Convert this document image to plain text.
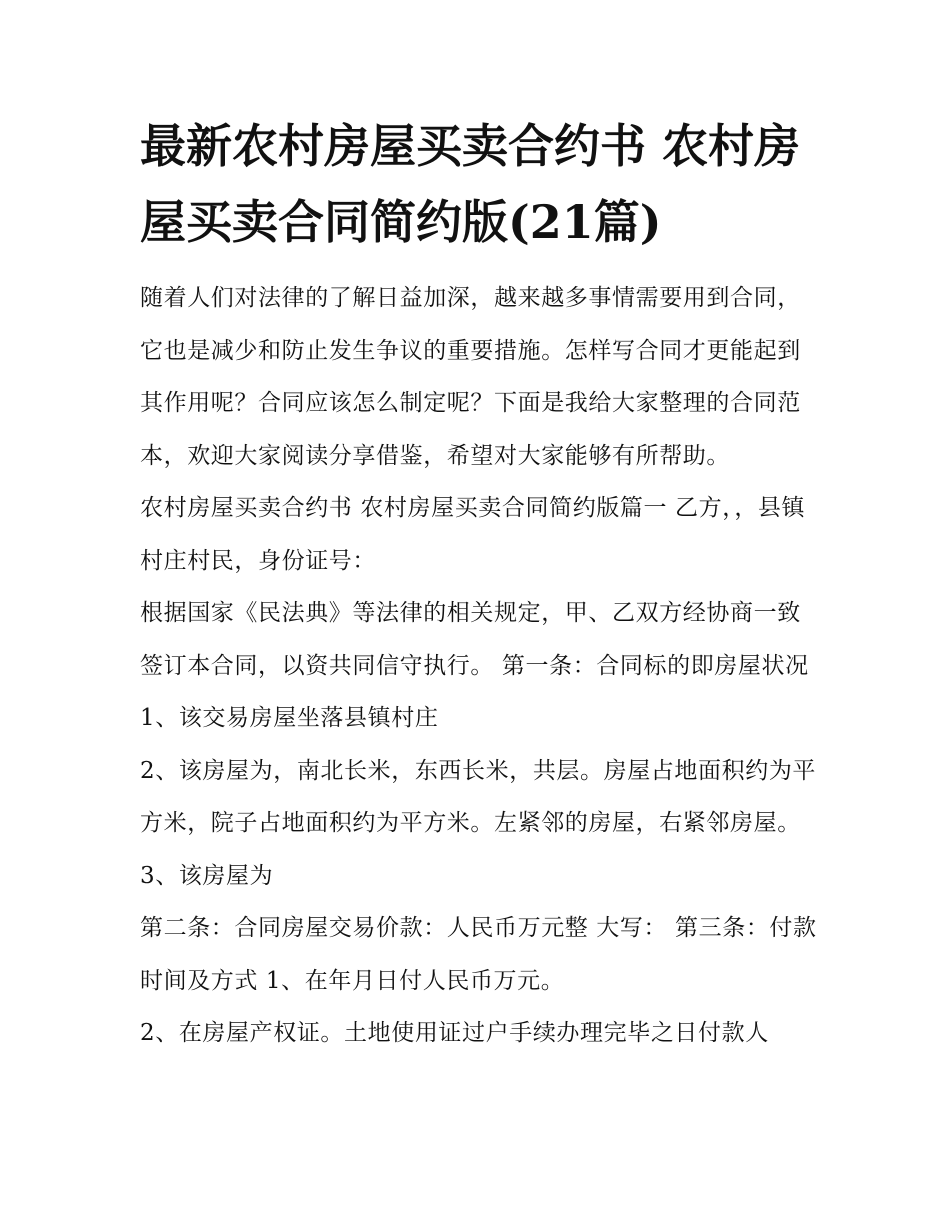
最新农村房屋买卖合约书 农村房屋买卖合同简约版(21篇)

随着人们对法律的了解日益加深，越来越多事情需要用到合同，它也是减少和防止发生争议的重要措施。怎样写合同才更能起到其作用呢？合同应该怎么制定呢？下面是我给大家整理的合同范本，欢迎大家阅读分享借鉴，希望对大家能够有所帮助。

农村房屋买卖合约书 农村房屋买卖合同简约版篇一 乙方，，县镇村庄村民，身份证号：

根据国家《民法典》等法律的相关规定，甲、乙双方经协商一致签订本合同，以资共同信守执行。 第一条：合同标的即房屋状况 1、该交易房屋坐落县镇村庄

2、该房屋为，南北长米，东西长米，共层。房屋占地面积约为平方米，院子占地面积约为平方米。左紧邻的房屋，右紧邻房屋。 3、该房屋为

第二条：合同房屋交易价款：人民币万元整 大写： 第三条：付款时间及方式 1、在年月日付人民币万元。

2、在房屋产权证。土地使用证过户手续办理完毕之日付款人
